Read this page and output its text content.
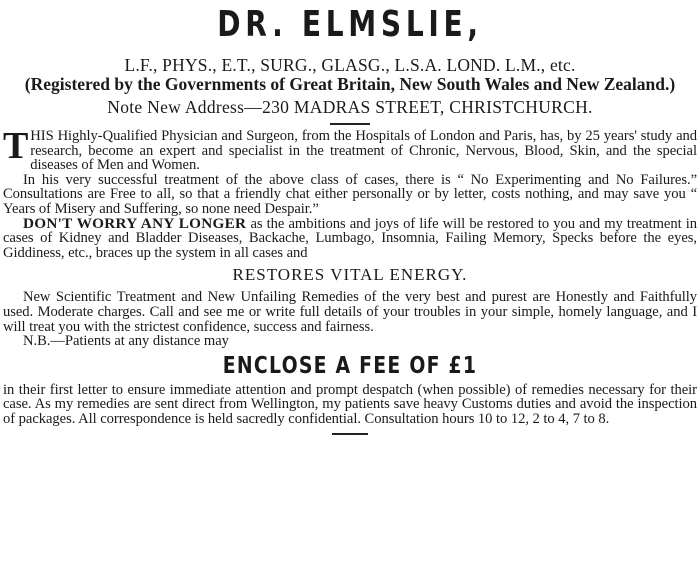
DR. ELMSLIE,
L.F., PHYS., E.T., SURG., GLASG., L.S.A. LOND. L.M., etc.
(Registered by the Governments of Great Britain, New South Wales and New Zealand.)
Note New Address—230 MADRAS STREET, CHRISTCHURCH.

THIS Highly-Qualified Physician and Surgeon, from the Hospitals of London and Paris, has, by 25 years' study and research, become an expert and specialist in the treatment of Chronic, Nervous, Blood, Skin, and the special diseases of Men and Women.

In his very successful treatment of the above class of cases, there is “ No Experimenting and No Failures.” Consultations are Free to all, so that a friendly chat either personally or by letter, costs nothing, and may save you “ Years of Misery and Suffering, so none need Despair.”

DON'T WORRY ANY LONGER as the ambitions and joys of life will be restored to you and my treatment in cases of Kidney and Bladder Diseases, Backache, Lumbago, Insomnia, Failing Memory, Specks before the eyes, Giddiness, etc., braces up the system in all cases and

RESTORES VITAL ENERGY.

New Scientific Treatment and New Unfailing Remedies of the very best and purest are Honestly and Faithfully used. Moderate charges. Call and see me or write full details of your troubles in your simple, homely language, and I will treat you with the strictest confidence, success and fairness.

N.B.—Patients at any distance may

ENCLOSE A FEE OF £1

in their first letter to ensure immediate attention and prompt despatch (when possible) of remedies necessary for their case. As my remedies are sent direct from Wellington, my patients save heavy Customs duties and avoid the inspection of packages. All correspondence is held sacredly confidential. Consultation hours 10 to 12, 2 to 4, 7 to 8.
